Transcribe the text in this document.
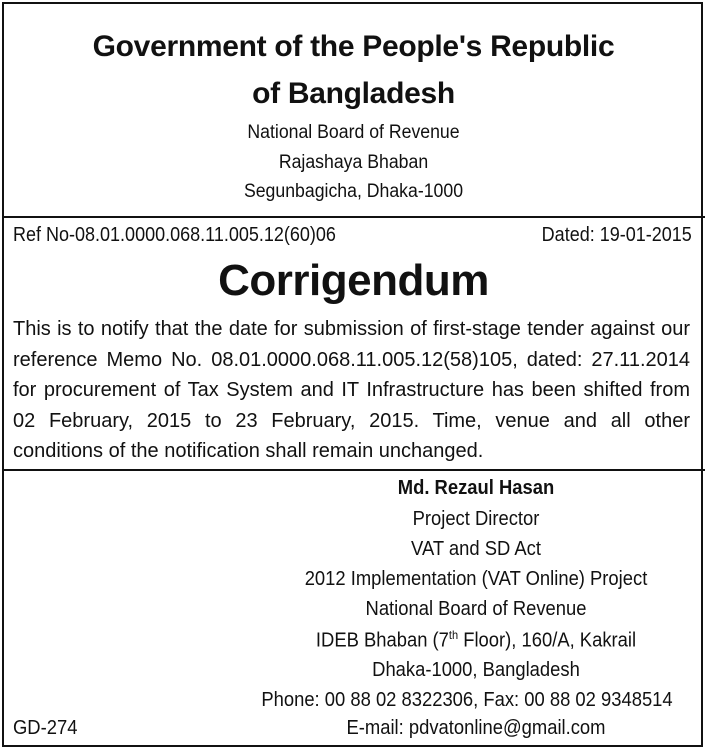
Government of the People's Republic
of Bangladesh
National Board of Revenue
Rajashaya Bhaban
Segunbagicha, Dhaka-1000
Ref No-08.01.0000.068.11.005.12(60)06	Dated: 19-01-2015
Corrigendum
This is to notify that the date for submission of first-stage tender against our
reference Memo No. 08.01.0000.068.11.005.12(58)105, dated: 27.11.2014
for procurement of Tax System and IT Infrastructure has been shifted from
02 February, 2015 to 23 February, 2015. Time, venue and all other
conditions of the notification shall remain unchanged.
Md. Rezaul Hasan
Project Director
VAT and SD Act
2012 Implementation (VAT Online) Project
National Board of Revenue
IDEB Bhaban (7th Floor), 160/A, Kakrail
Dhaka-1000, Bangladesh
Phone: 00 88 02 8322306, Fax: 00 88 02 9348514
E-mail: pdvatonline@gmail.com
GD-274
